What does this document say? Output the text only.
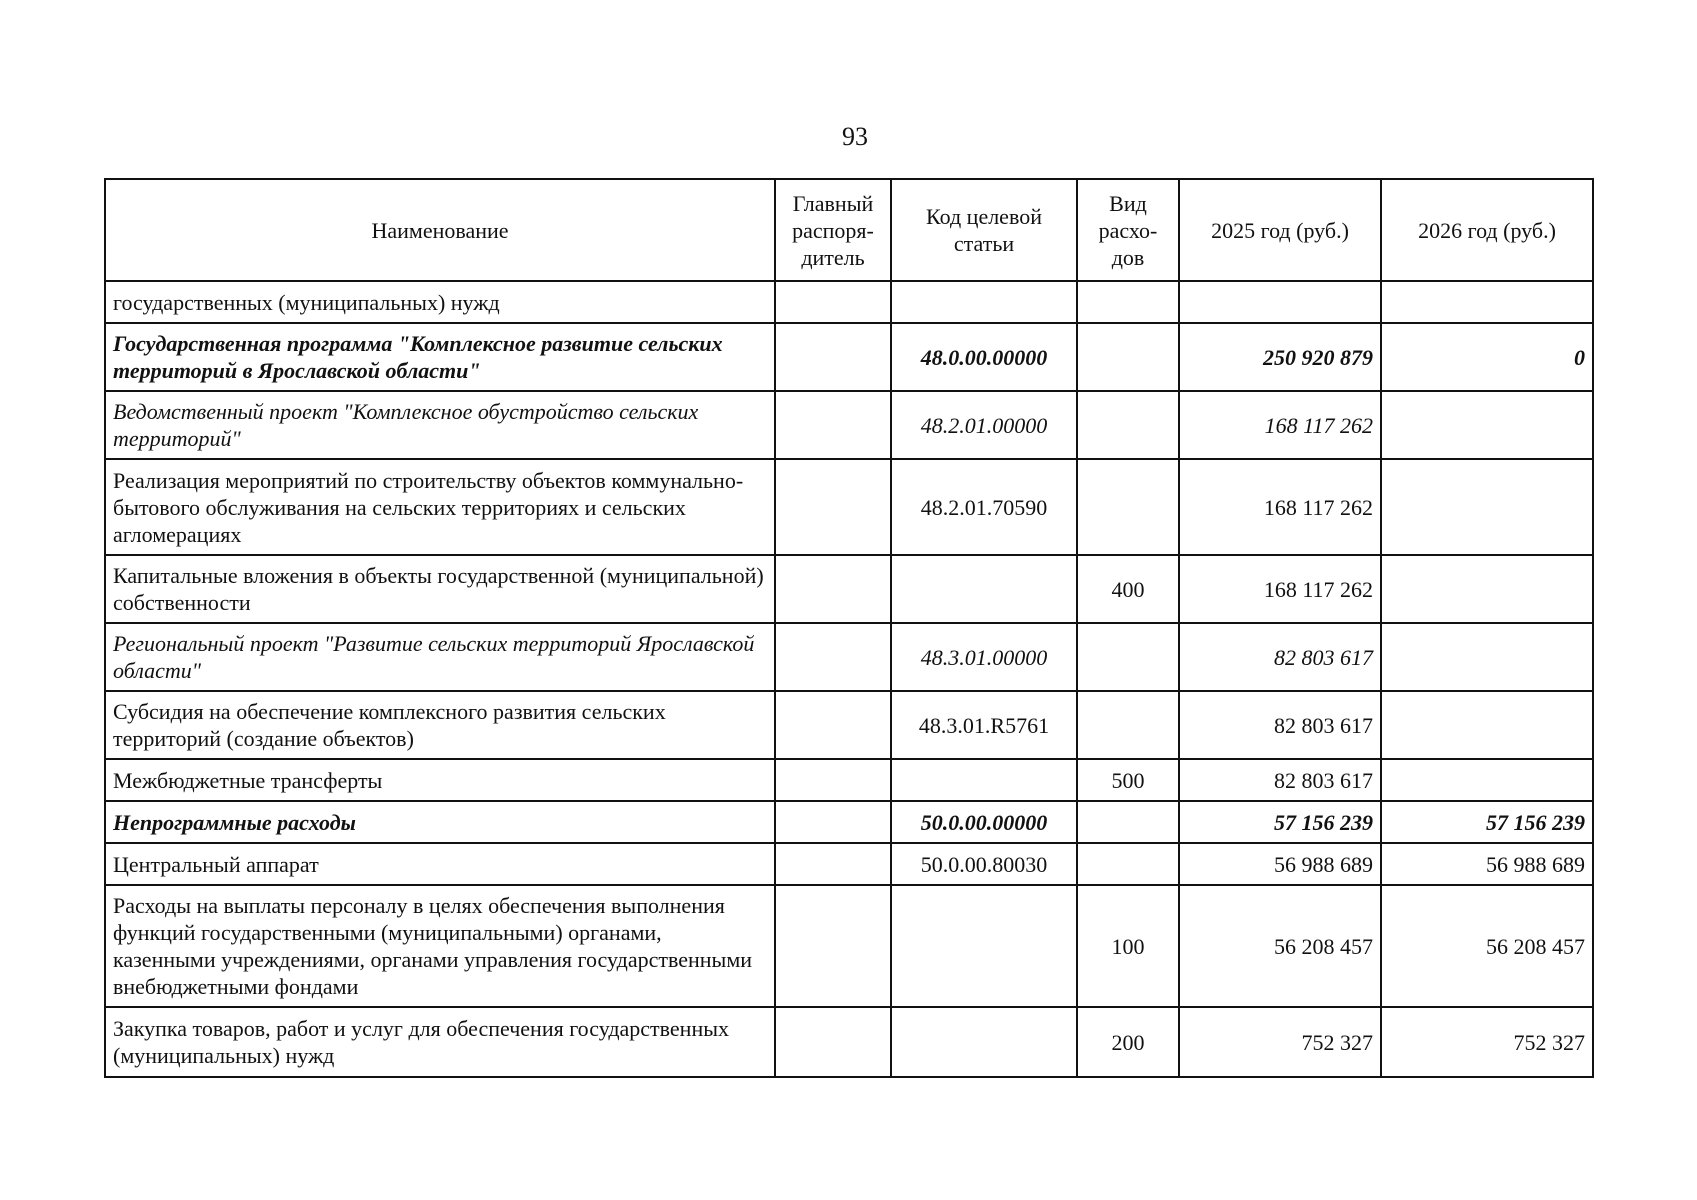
93
Наименование	Главный распоря-дитель	Код целевой статьи	Вид расхо-дов	2025 год (руб.)	2026 год (руб.)
государственных (муниципальных) нужд					
Государственная программа "Комплексное развитие сельских территорий в Ярославской области"		48.0.00.00000		250 920 879	0
Ведомственный проект "Комплексное обустройство сельских территорий"		48.2.01.00000		168 117 262	
Реализация мероприятий по строительству объектов коммунально-бытового обслуживания на сельских территориях и сельских агломерациях		48.2.01.70590		168 117 262	
Капитальные вложения в объекты государственной (муниципальной) собственности			400	168 117 262	
Региональный проект "Развитие сельских территорий Ярославской области"		48.3.01.00000		82 803 617	
Субсидия на обеспечение комплексного развития сельских территорий (создание объектов)		48.3.01.R5761		82 803 617	
Межбюджетные трансферты			500	82 803 617	
Непрограммные расходы		50.0.00.00000		57 156 239	57 156 239
Центральный аппарат		50.0.00.80030		56 988 689	56 988 689
Расходы на выплаты персоналу в целях обеспечения выполнения функций государственными (муниципальными) органами, казенными учреждениями, органами управления государственными внебюджетными фондами			100	56 208 457	56 208 457
Закупка товаров, работ и услуг для обеспечения государственных (муниципальных) нужд			200	752 327	752 327
